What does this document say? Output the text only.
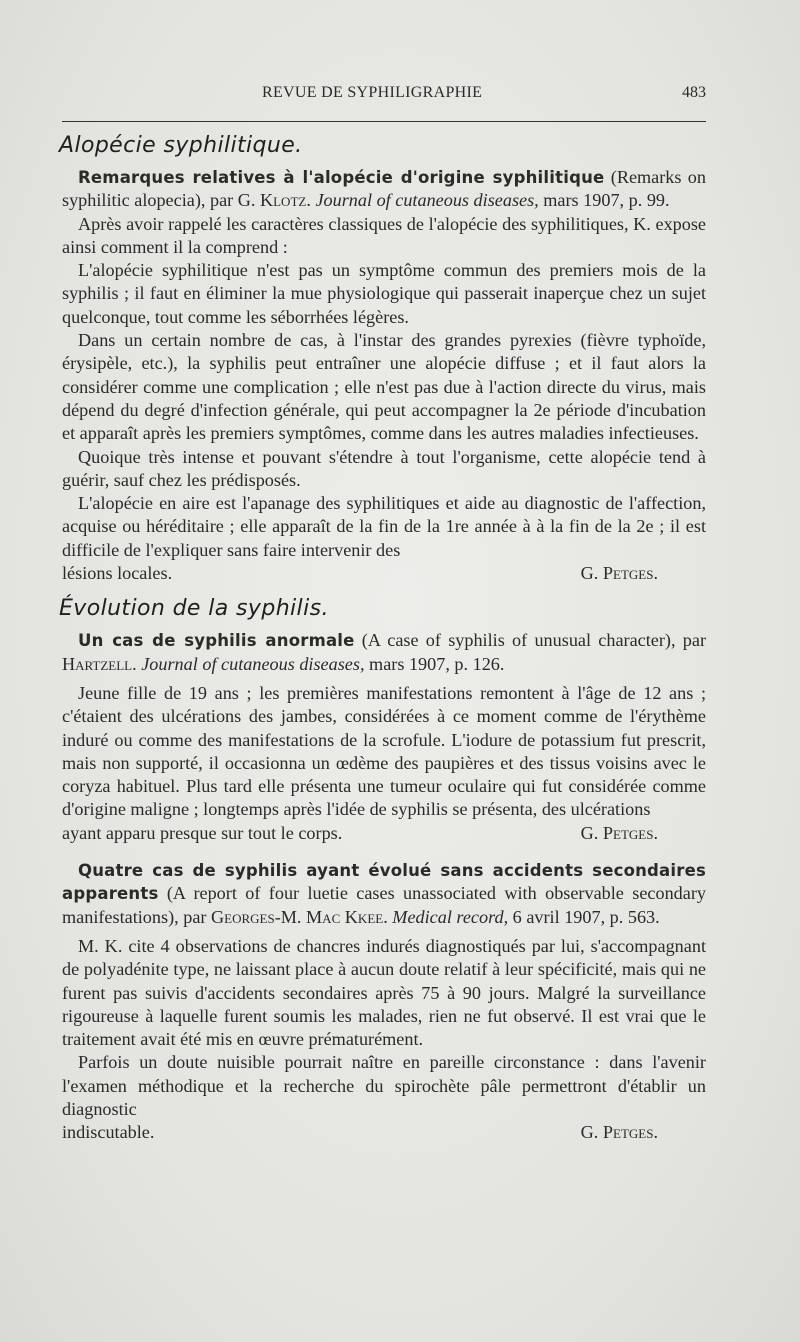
REVUE DE SYPHILIGRAPHIE	483
Alopécie syphilitique.

Remarques relatives à l'alopécie d'origine syphilitique (Remarks on syphilitic alopecia), par G. Klotz. Journal of cutaneous diseases, mars 1907, p. 99.

Après avoir rappelé les caractères classiques de l'alopécie des syphilitiques, K. expose ainsi comment il la comprend :

L'alopécie syphilitique n'est pas un symptôme commun des premiers mois de la syphilis ; il faut en éliminer la mue physiologique qui passerait inaperçue chez un sujet quelconque, tout comme les séborrhées légères.

Dans un certain nombre de cas, à l'instar des grandes pyrexies (fièvre typhoïde, érysipèle, etc.), la syphilis peut entraîner une alopécie diffuse ; et il faut alors la considérer comme une complication ; elle n'est pas due à l'action directe du virus, mais dépend du degré d'infection générale, qui peut accompagner la 2e période d'incubation et apparaît après les premiers symptômes, comme dans les autres maladies infectieuses.

Quoique très intense et pouvant s'étendre à tout l'organisme, cette alopécie tend à guérir, sauf chez les prédisposés.

L'alopécie en aire est l'apanage des syphilitiques et aide au diagnostic de l'affection, acquise ou héréditaire ; elle apparaît de la fin de la 1re année à à la fin de la 2e ; il est difficile de l'expliquer sans faire intervenir des

lésions locales.	G. Petges.

Évolution de la syphilis.

Un cas de syphilis anormale (A case of syphilis of unusual character), par Hartzell. Journal of cutaneous diseases, mars 1907, p. 126.

Jeune fille de 19 ans ; les premières manifestations remontent à l'âge de 12 ans ; c'étaient des ulcérations des jambes, considérées à ce moment comme de l'érythème induré ou comme des manifestations de la scrofule. L'iodure de potassium fut prescrit, mais non supporté, il occasionna un œdème des paupières et des tissus voisins avec le coryza habituel. Plus tard elle présenta une tumeur oculaire qui fut considérée comme d'origine maligne ; longtemps après l'idée de syphilis se présenta, des ulcérations

ayant apparu presque sur tout le corps.	G. Petges.

Quatre cas de syphilis ayant évolué sans accidents secondaires apparents (A report of four luetie cases unassociated with observable secondary manifestations), par Georges-M. Mac Kkee. Medical record, 6 avril 1907, p. 563.

M. K. cite 4 observations de chancres indurés diagnostiqués par lui, s'accompagnant de polyadénite type, ne laissant place à aucun doute relatif à leur spécificité, mais qui ne furent pas suivis d'accidents secondaires après 75 à 90 jours. Malgré la surveillance rigoureuse à laquelle furent soumis les malades, rien ne fut observé. Il est vrai que le traitement avait été mis en œuvre prématurément.

Parfois un doute nuisible pourrait naître en pareille circonstance : dans l'avenir l'examen méthodique et la recherche du spirochète pâle permettront d'établir un diagnostic

indiscutable.	G. Petges.
